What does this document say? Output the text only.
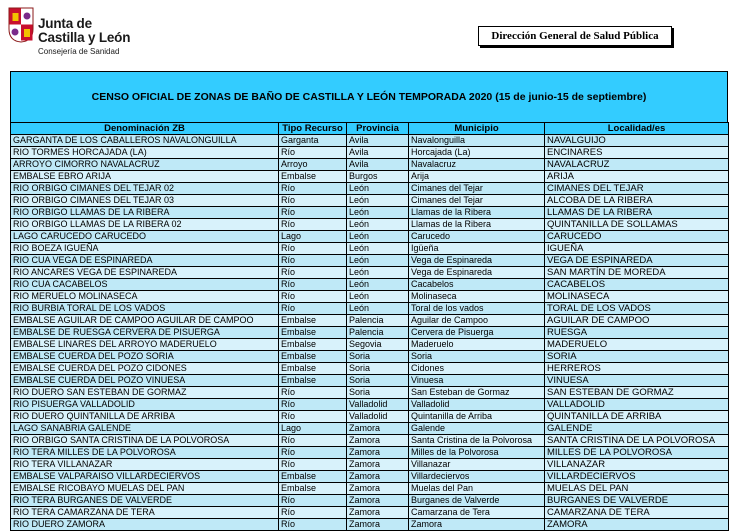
Junta de
Castilla y León
Consejería de Sanidad
Dirección General de Salud Pública
CENSO OFICIAL DE ZONAS DE BAÑO DE CASTILLA Y LEÓN TEMPORADA 2020 (15 de junio-15 de septiembre)
Denominación ZB	Tipo Recurso	Provincia	Municipio	Localidad/es
GARGANTA DE LOS CABALLEROS NAVALONGUILLA	Garganta	Avila	Navalonguilla	NAVALGUIJO
RIO TORMES HORCAJADA (LA)	Río	Avila	Horcajada (La)	ENCINARES
ARROYO CIMORRO NAVALACRUZ	Arroyo	Avila	Navalacruz	NAVALACRUZ
EMBALSE EBRO ARIJA	Embalse	Burgos	Arija	ARIJA
RIO ORBIGO CIMANES DEL TEJAR 02	Río	León	Cimanes del Tejar	CIMANES DEL TEJAR
RIO ORBIGO CIMANES DEL TEJAR 03	Río	León	Cimanes del Tejar	ALCOBA DE LA RIBERA
RIO ORBIGO LLAMAS DE LA RIBERA	Río	León	Llamas de la Ribera	LLAMAS DE LA RIBERA
RIO ORBIGO LLAMAS DE LA RIBERA 02	Río	León	Llamas de la Ribera	QUINTANILLA DE SOLLAMAS
LAGO CARUCEDO CARUCEDO	Lago	León	Carucedo	CARUCEDO
RIO BOEZA IGUEÑA	Río	León	Igüeña	IGUEÑA
RIO CUA VEGA DE ESPINAREDA	Río	León	Vega de Espinareda	VEGA DE ESPINAREDA
RIO ANCARES VEGA DE ESPINAREDA	Río	León	Vega de Espinareda	SAN MARTÍN DE MOREDA
RIO CUA CACABELOS	Río	León	Cacabelos	CACABELOS
RIO MERUELO MOLINASECA	Río	León	Molinaseca	MOLINASECA
RIO BURBIA TORAL DE LOS VADOS	Río	León	Toral de los vados	TORAL DE LOS VADOS
EMBALSE AGUILAR DE CAMPOO AGUILAR DE CAMPOO	Embalse	Palencia	Aguilar de Campoo	AGUILAR DE CAMPOO
EMBALSE DE RUESGA CERVERA DE PISUERGA	Embalse	Palencia	Cervera de Pisuerga	RUESGA
EMBALSE LINARES DEL ARROYO MADERUELO	Embalse	Segovia	Maderuelo	MADERUELO
EMBALSE CUERDA DEL POZO SORIA	Embalse	Soria	Soria	SORIA
EMBALSE CUERDA DEL POZO CIDONES	Embalse	Soria	Cidones	HERREROS
EMBALSE CUERDA DEL POZO VINUESA	Embalse	Soria	Vinuesa	VINUESA
RIO DUERO SAN ESTEBAN DE GORMAZ	Río	Soria	San Esteban de Gormaz	SAN ESTEBAN DE GORMAZ
RIO PISUERGA VALLADOLID	Río	Valladolid	Valladolid	VALLADOLID
RIO DUERO QUINTANILLA DE ARRIBA	Río	Valladolid	Quintanilla de Arriba	QUINTANILLA DE ARRIBA
LAGO SANABRIA GALENDE	Lago	Zamora	Galende	GALENDE
RIO ORBIGO SANTA CRISTINA DE LA POLVOROSA	Río	Zamora	Santa Cristina de la Polvorosa	SANTA CRISTINA DE LA POLVOROSA
RIO TERA MILLES DE LA POLVOROSA	Río	Zamora	Milles de la Polvorosa	MILLES DE LA POLVOROSA
RIO TERA VILLANAZAR	Río	Zamora	Villanazar	VILLANAZAR
EMBALSE VALPARAISO VILLARDECIERVOS	Embalse	Zamora	Villardeciervos	VILLARDECIERVOS
EMBALSE RICOBAYO MUELAS DEL PAN	Embalse	Zamora	Muelas del Pan	MUELAS DEL PAN
RIO TERA BURGANES DE VALVERDE	Río	Zamora	Burganes de Valverde	BURGANES DE VALVERDE
RIO TERA CAMARZANA DE TERA	Río	Zamora	Camarzana de Tera	CAMARZANA DE TERA
RIO DUERO ZAMORA	Río	Zamora	Zamora	ZAMORA
